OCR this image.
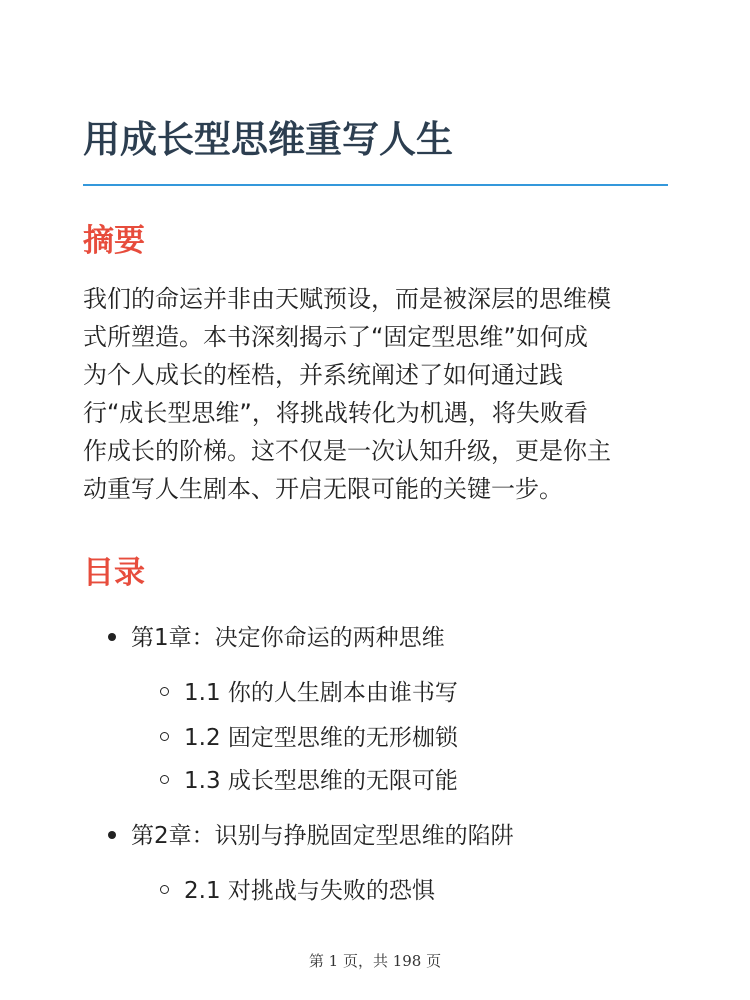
用成长型思维重写人生
摘要

我们的命运并非由天赋预设，而是被深层的思维模
式所塑造。本书深刻揭示了“固定型思维”如何成
为个人成长的桎梏，并系统阐述了如何通过践
行“成长型思维”，将挑战转化为机遇，将失败看
作成长的阶梯。这不仅是一次认知升级，更是你主
动重写人生剧本、开启无限可能的关键一步。

目录
第1章：决定你命运的两种思维
1.1 你的人生剧本由谁书写
1.2 固定型思维的无形枷锁
1.3 成长型思维的无限可能
第2章：识别与挣脱固定型思维的陷阱
2.1 对挑战与失败的恐惧
第 1 页，共 198 页
